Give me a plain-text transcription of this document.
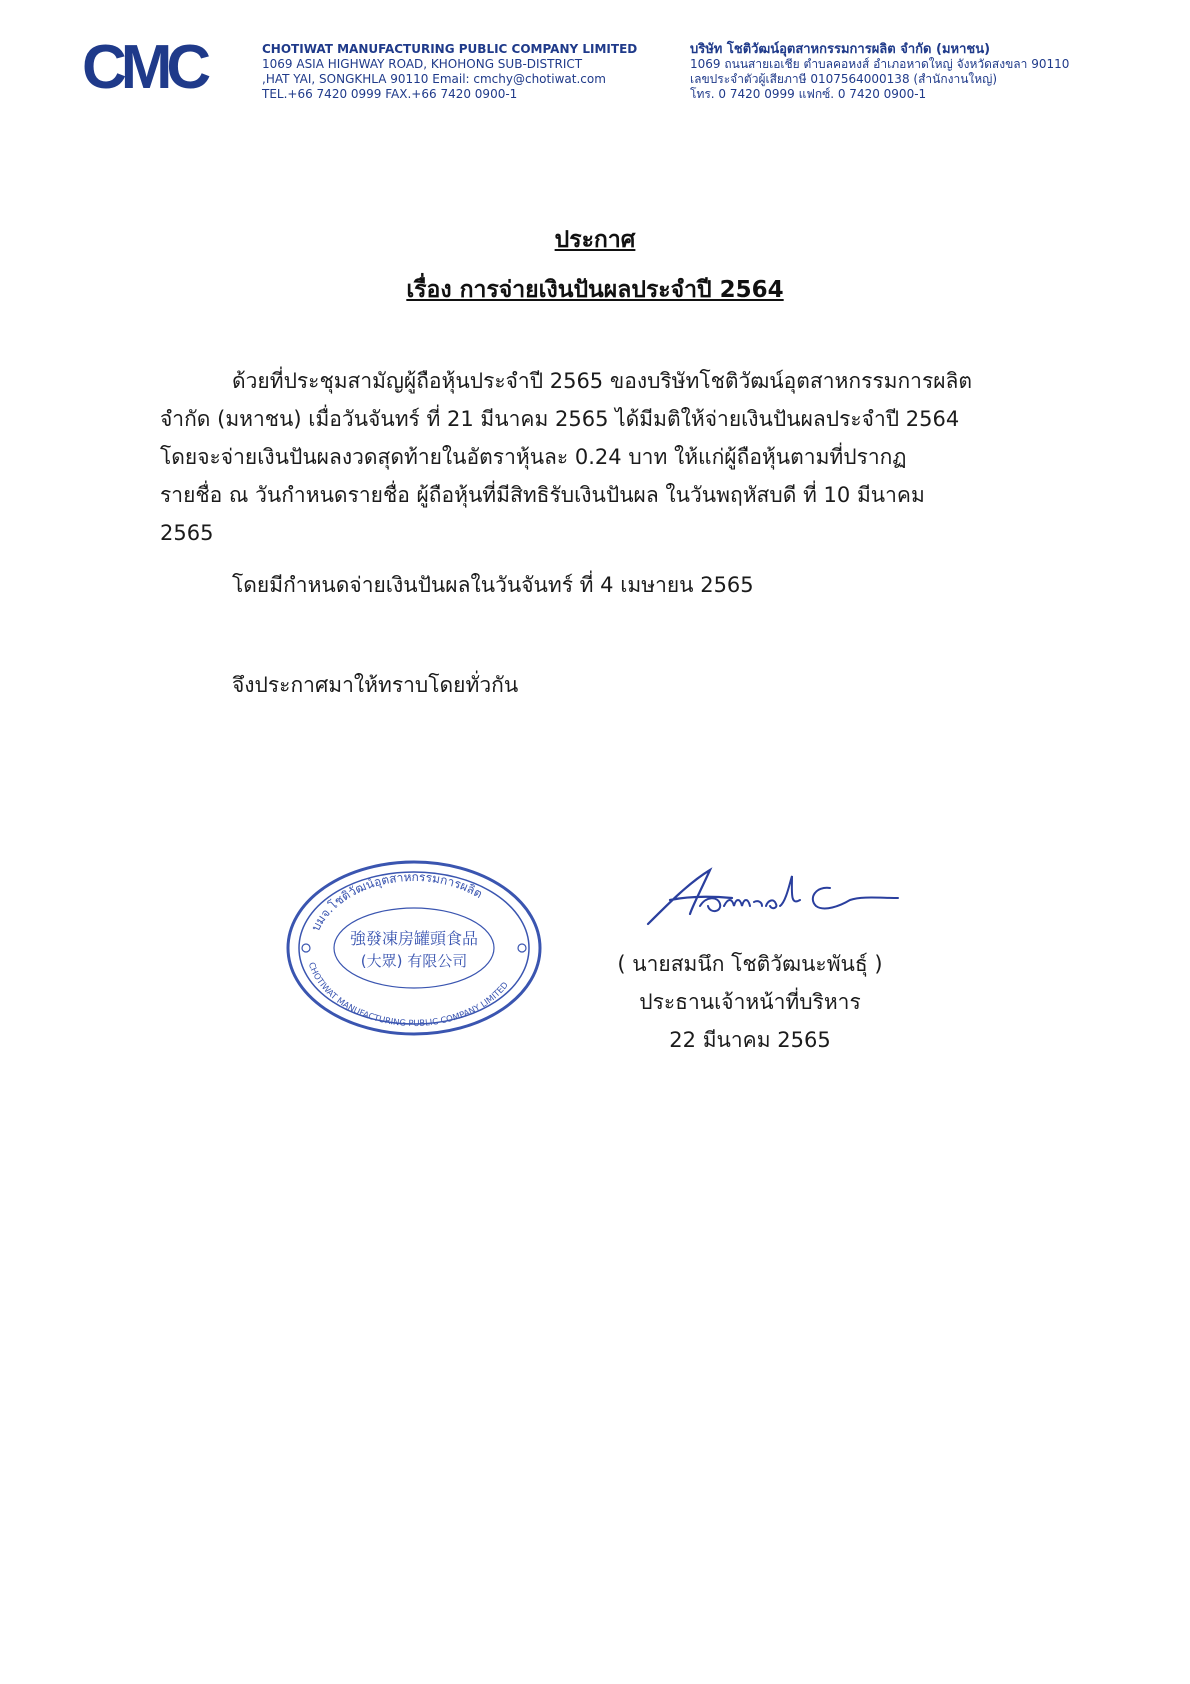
CMC	CHOTIWAT MANUFACTURING PUBLIC COMPANY LIMITED
1069 ASIA HIGHWAY ROAD, KHOHONG SUB-DISTRICT
,HAT YAI, SONGKHLA 90110 Email: cmchy@chotiwat.com
TEL.+66 7420 0999 FAX.+66 7420 0900-1
บริษัท โชติวัฒน์อุตสาหกรรมการผลิต จำกัด (มหาชน)
1069 ถนนสายเอเชีย ตำบลคอหงส์ อำเภอหาดใหญ่ จังหวัดสงขลา 90110
เลขประจำตัวผู้เสียภาษี 0107564000138 (สำนักงานใหญ่)
โทร. 0 7420 0999 แฟกซ์. 0 7420 0900-1
ประกาศ
เรื่อง การจ่ายเงินปันผลประจำปี 2564
ด้วยที่ประชุมสามัญผู้ถือหุ้นประจำปี 2565 ของบริษัทโชติวัฒน์อุตสาหกรรมการผลิต
จำกัด (มหาชน) เมื่อวันจันทร์ ที่ 21 มีนาคม 2565 ได้มีมติให้จ่ายเงินปันผลประจำปี 2564
โดยจะจ่ายเงินปันผลงวดสุดท้ายในอัตราหุ้นละ 0.24 บาท ให้แก่ผู้ถือหุ้นตามที่ปรากฏ
รายชื่อ ณ วันกำหนดรายชื่อ ผู้ถือหุ้นที่มีสิทธิรับเงินปันผล ในวันพฤหัสบดี ที่ 10 มีนาคม
2565
โดยมีกำหนดจ่ายเงินปันผลในวันจันทร์ ที่ 4 เมษายน 2565
จึงประกาศมาให้ทราบโดยทั่วกัน
บมจ.โชติวัฒน์อุตสาหกรรมการผลิต
CHOTIWAT MANUFACTURING PUBLIC COMPANY LIMITED
強發凍房罐頭食品
(大眾) 有限公司	( นายสมนึก โชติวัฒนะพันธุ์ )
ประธานเจ้าหน้าที่บริหาร
22 มีนาคม 2565
